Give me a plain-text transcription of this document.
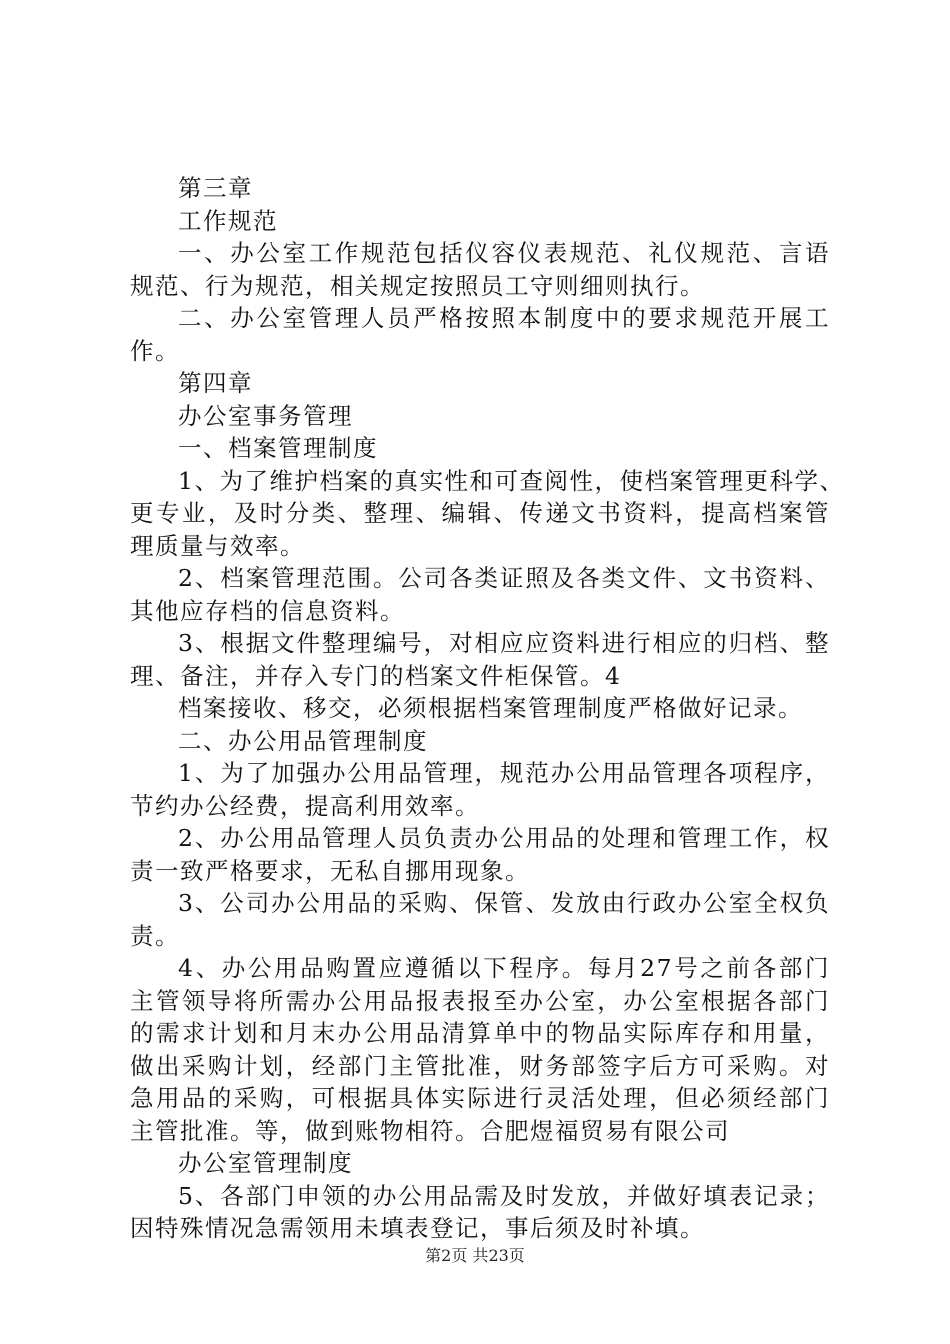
第三章
工作规范
一、办公室工作规范包括仪容仪表规范、礼仪规范、言语
规范、行为规范，相关规定按照员工守则细则执行。
二、办公室管理人员严格按照本制度中的要求规范开展工
作。
第四章
办公室事务管理
一、档案管理制度
1、为了维护档案的真实性和可查阅性，使档案管理更科学、
更专业，及时分类、整理、编辑、传递文书资料，提高档案管
理质量与效率。
2、档案管理范围。公司各类证照及各类文件、文书资料、
其他应存档的信息资料。
3、根据文件整理编号，对相应应资料进行相应的归档、整
理、备注，并存入专门的档案文件柜保管。4
档案接收、移交，必须根据档案管理制度严格做好记录。
二、办公用品管理制度
1、为了加强办公用品管理，规范办公用品管理各项程序，
节约办公经费，提高利用效率。
2、办公用品管理人员负责办公用品的处理和管理工作，权
责一致严格要求，无私自挪用现象。
3、公司办公用品的采购、保管、发放由行政办公室全权负
责。
4、办公用品购置应遵循以下程序。每月27号之前各部门
主管领导将所需办公用品报表报至办公室，办公室根据各部门
的需求计划和月末办公用品清算单中的物品实际库存和用量，
做出采购计划，经部门主管批准，财务部签字后方可采购。对
急用品的采购，可根据具体实际进行灵活处理，但必须经部门
主管批准。等，做到账物相符。合肥煜福贸易有限公司
办公室管理制度
5、各部门申领的办公用品需及时发放，并做好填表记录；
因特殊情况急需领用未填表登记，事后须及时补填。
第2页 共23页
